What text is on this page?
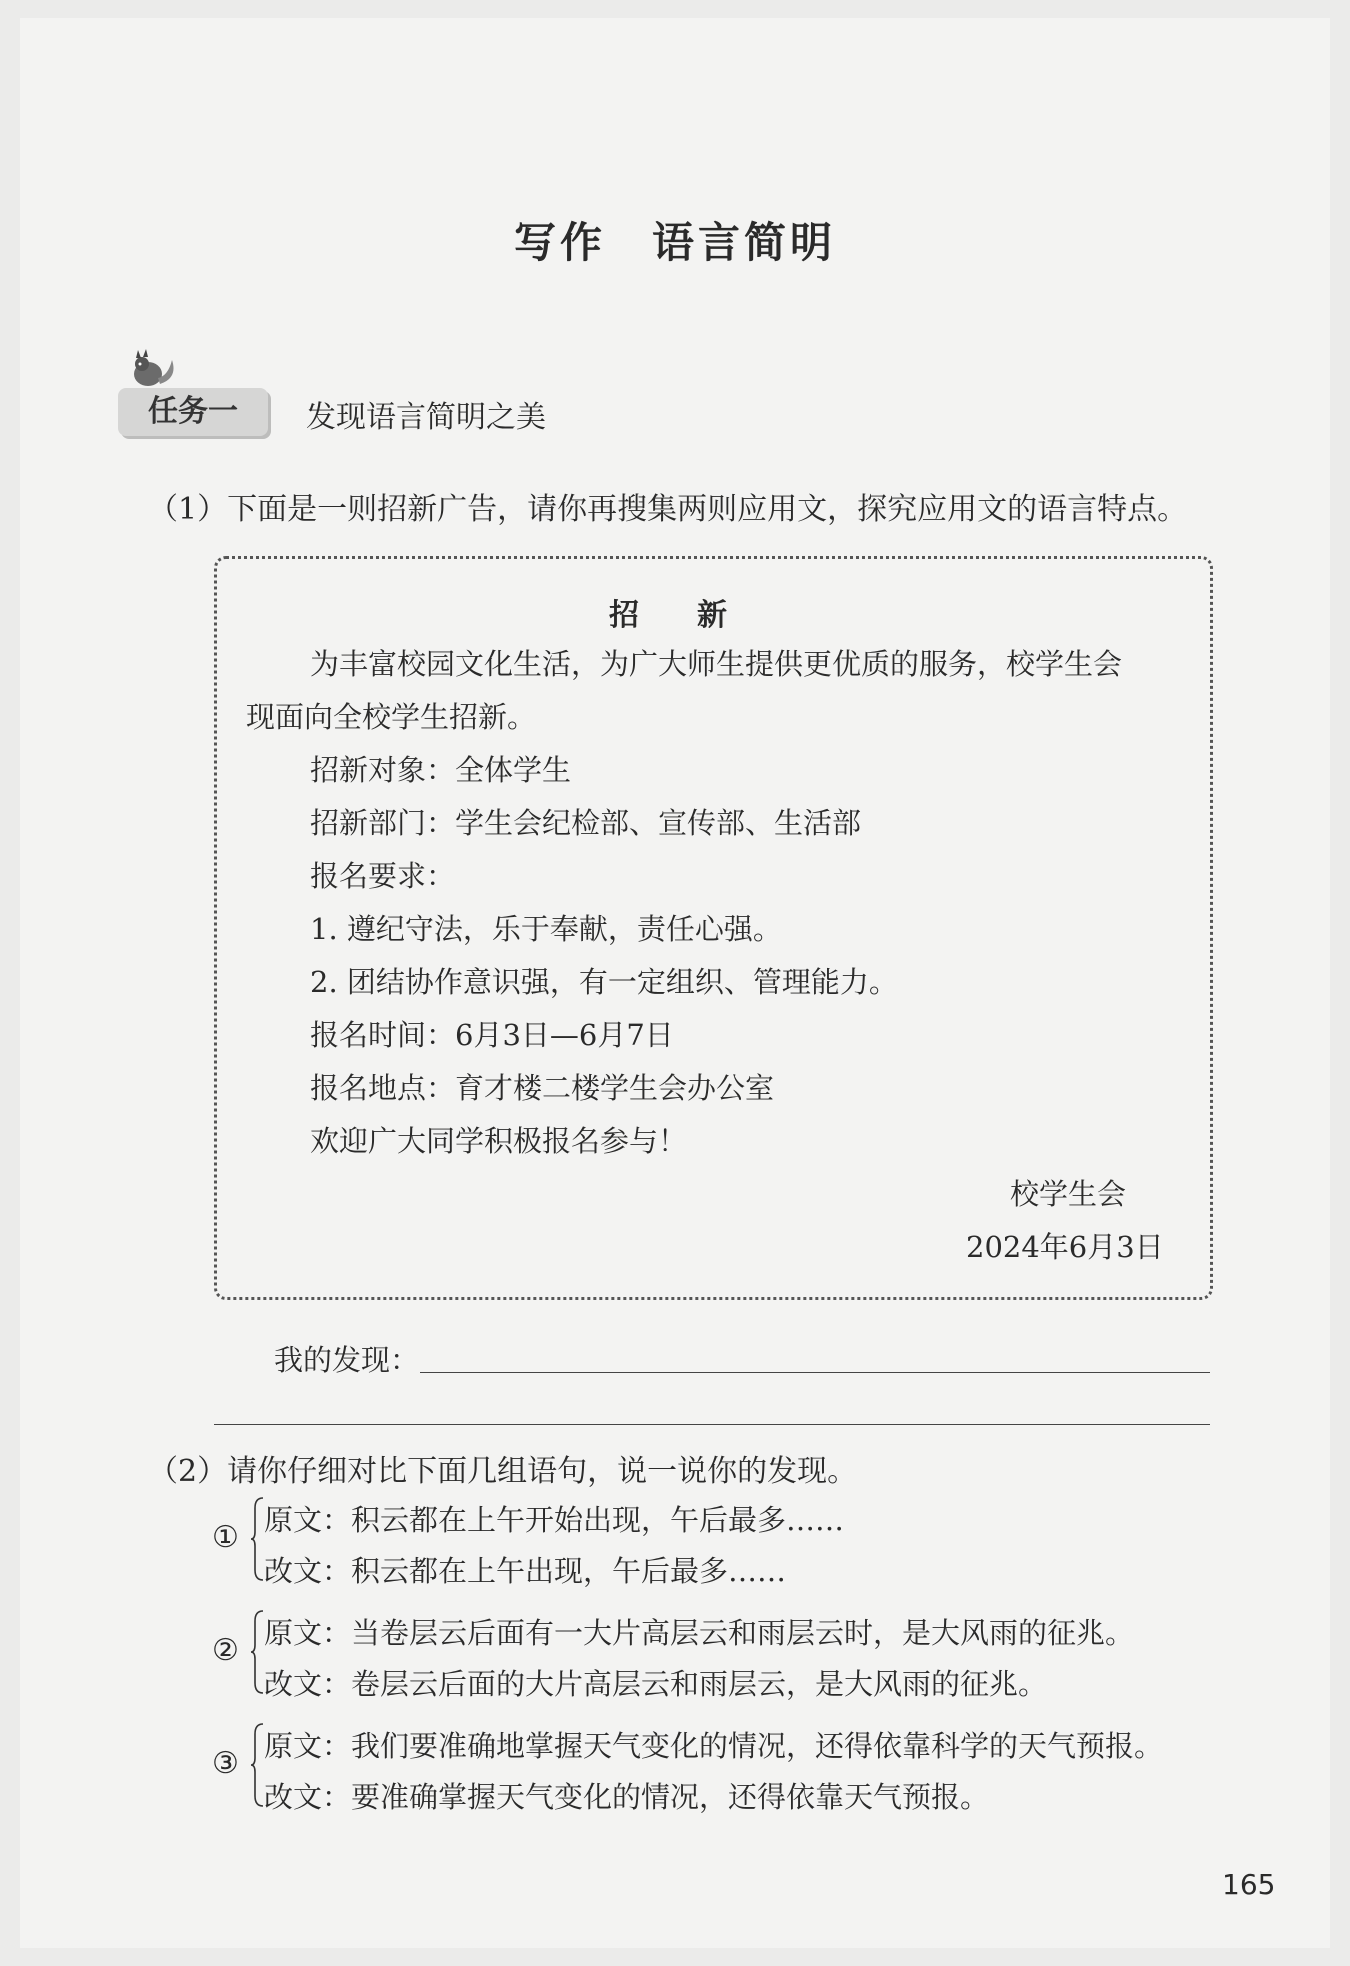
写作　语言简明
任务一	发现语言简明之美
（1）下面是一则招新广告，请你再搜集两则应用文，探究应用文的语言特点。
招　新
为丰富校园文化生活，为广大师生提供更优质的服务，校学生会
现面向全校学生招新。
招新对象：全体学生
招新部门：学生会纪检部、宣传部、生活部
报名要求：
1. 遵纪守法，乐于奉献，责任心强。
2. 团结协作意识强，有一定组织、管理能力。
报名时间：6月3日—6月7日
报名地点：育才楼二楼学生会办公室
欢迎广大同学积极报名参与！
校学生会
2024年6月3日
我的发现：
（2）请你仔细对比下面几组语句，说一说你的发现。
① 原文：积云都在上午开始出现，午后最多……
改文：积云都在上午出现，午后最多……
② 原文：当卷层云后面有一大片高层云和雨层云时，是大风雨的征兆。
改文：卷层云后面的大片高层云和雨层云，是大风雨的征兆。
③ 原文：我们要准确地掌握天气变化的情况，还得依靠科学的天气预报。
改文：要准确掌握天气变化的情况，还得依靠天气预报。
165
